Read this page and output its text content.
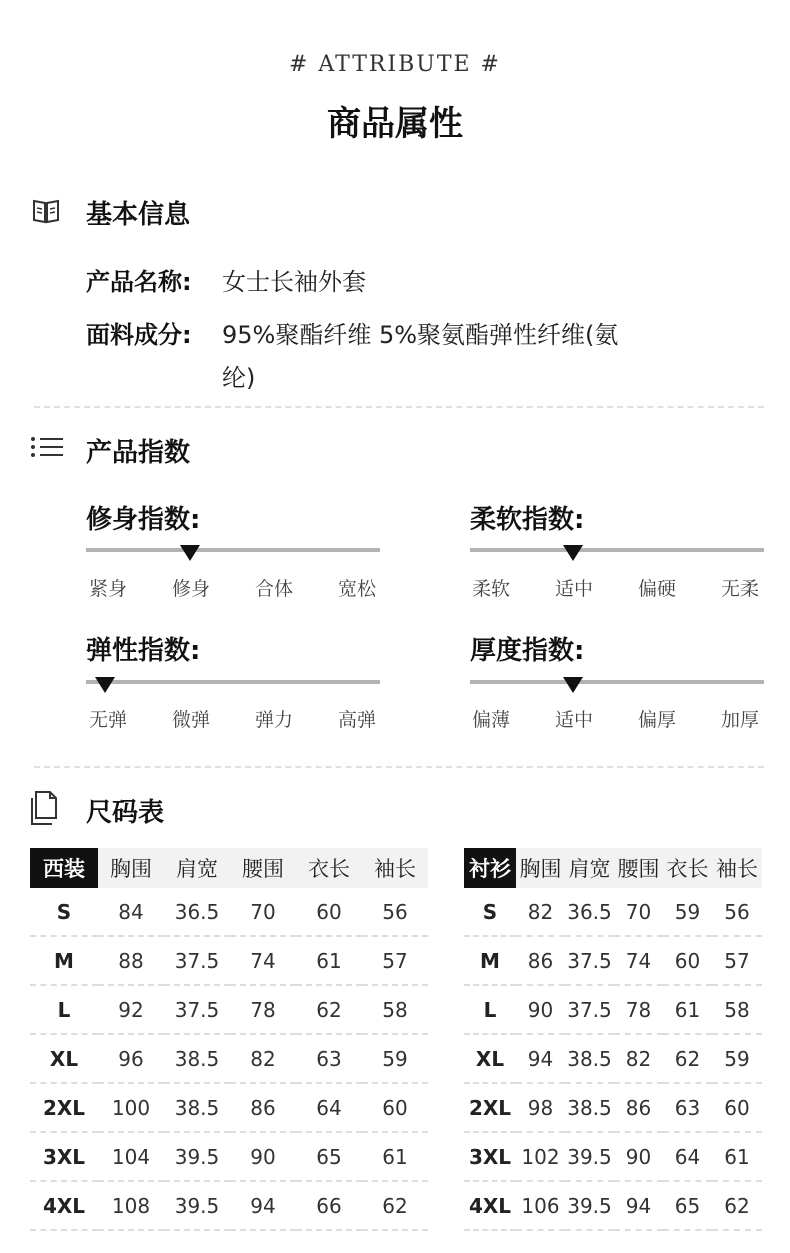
# ATTRIBUTE #
商品属性
基本信息
产品名称: 女士长袖外套
面料成分: 95%聚酯纤维 5%聚氨酯弹性纤维(氨
纶)
产品指数
修身指数:
紧身	修身	合体	宽松
柔软指数:
柔软	适中	偏硬	无柔
弹性指数:
无弹	微弹	弹力	高弹
厚度指数:
偏薄	适中	偏厚	加厚
尺码表
西装	胸围	肩宽	腰围	衣长	袖长
S	84	36.5	70	60	56
M	88	37.5	74	61	57
L	92	37.5	78	62	58
XL	96	38.5	82	63	59
2XL	100	38.5	86	64	60
3XL	104	39.5	90	65	61
4XL	108	39.5	94	66	62
衬衫	胸围	肩宽	腰围	衣长	袖长
S	82	36.5	70	59	56
M	86	37.5	74	60	57
L	90	37.5	78	61	58
XL	94	38.5	82	62	59
2XL	98	38.5	86	63	60
3XL	102	39.5	90	64	61
4XL	106	39.5	94	65	62
